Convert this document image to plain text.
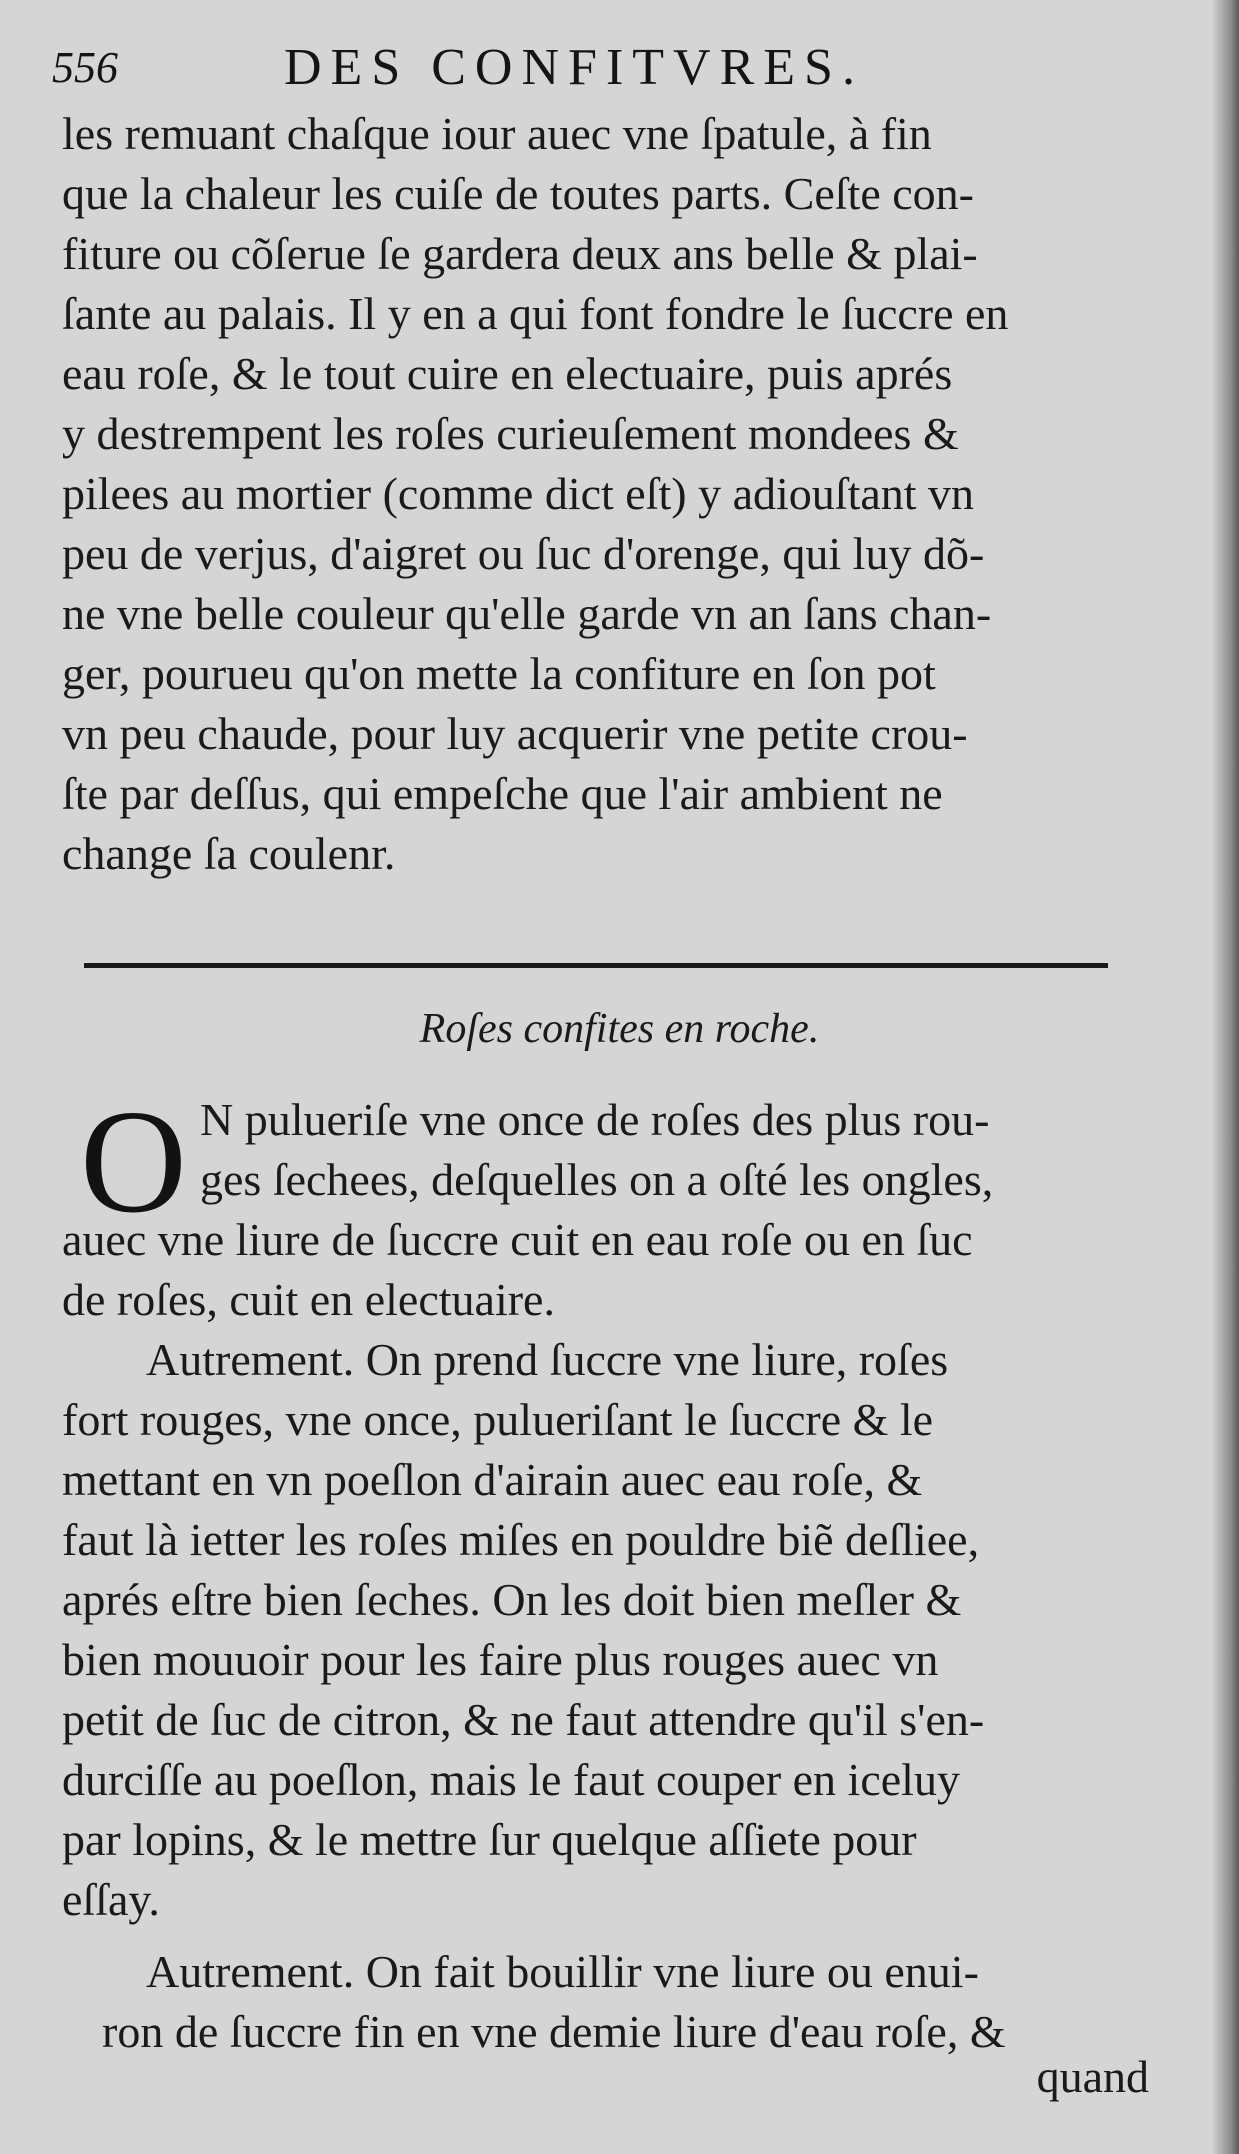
556	DES CONFITVRES.
les remuant chaſque iour auec vne ſpatule, à fin
que la chaleur les cuiſe de toutes parts. Ceſte con-
fiture ou cõſerue ſe gardera deux ans belle & plai-
ſante au palais. Il y en a qui font fondre le ſuccre en
eau roſe, & le tout cuire en electuaire, puis aprés
y destrempent les roſes curieuſement mondees &
pilees au mortier (comme dict eſt) y adiouſtant vn
peu de verjus, d'aigret ou ſuc d'orenge, qui luy dõ-
ne vne belle couleur qu'elle garde vn an ſans chan-
ger, pourueu qu'on mette la confiture en ſon pot
vn peu chaude, pour luy acquerir vne petite crou-
ſte par deſſus, qui empeſche que l'air ambient ne
change ſa coulenr.
Roſes confites en roche.
O N pulueriſe vne once de roſes des plus rou-
ges ſechees, deſquelles on a oſté les ongles,
auec vne liure de ſuccre cuit en eau roſe ou en ſuc
de roſes, cuit en electuaire.
Autrement. On prend ſuccre vne liure, roſes
fort rouges, vne once, pulueriſant le ſuccre & le
mettant en vn poeſlon d'airain auec eau roſe, &
faut là ietter les roſes miſes en pouldre biẽ deſliee,
aprés eſtre bien ſeches. On les doit bien meſler &
bien mouuoir pour les faire plus rouges auec vn
petit de ſuc de citron, & ne faut attendre qu'il s'en-
durciſſe au poeſlon, mais le faut couper en iceluy
par lopins, & le mettre ſur quelque aſſiete pour
eſſay.
Autrement. On fait bouillir vne liure ou enui-
ron de ſuccre fin en vne demie liure d'eau roſe, &
quand
